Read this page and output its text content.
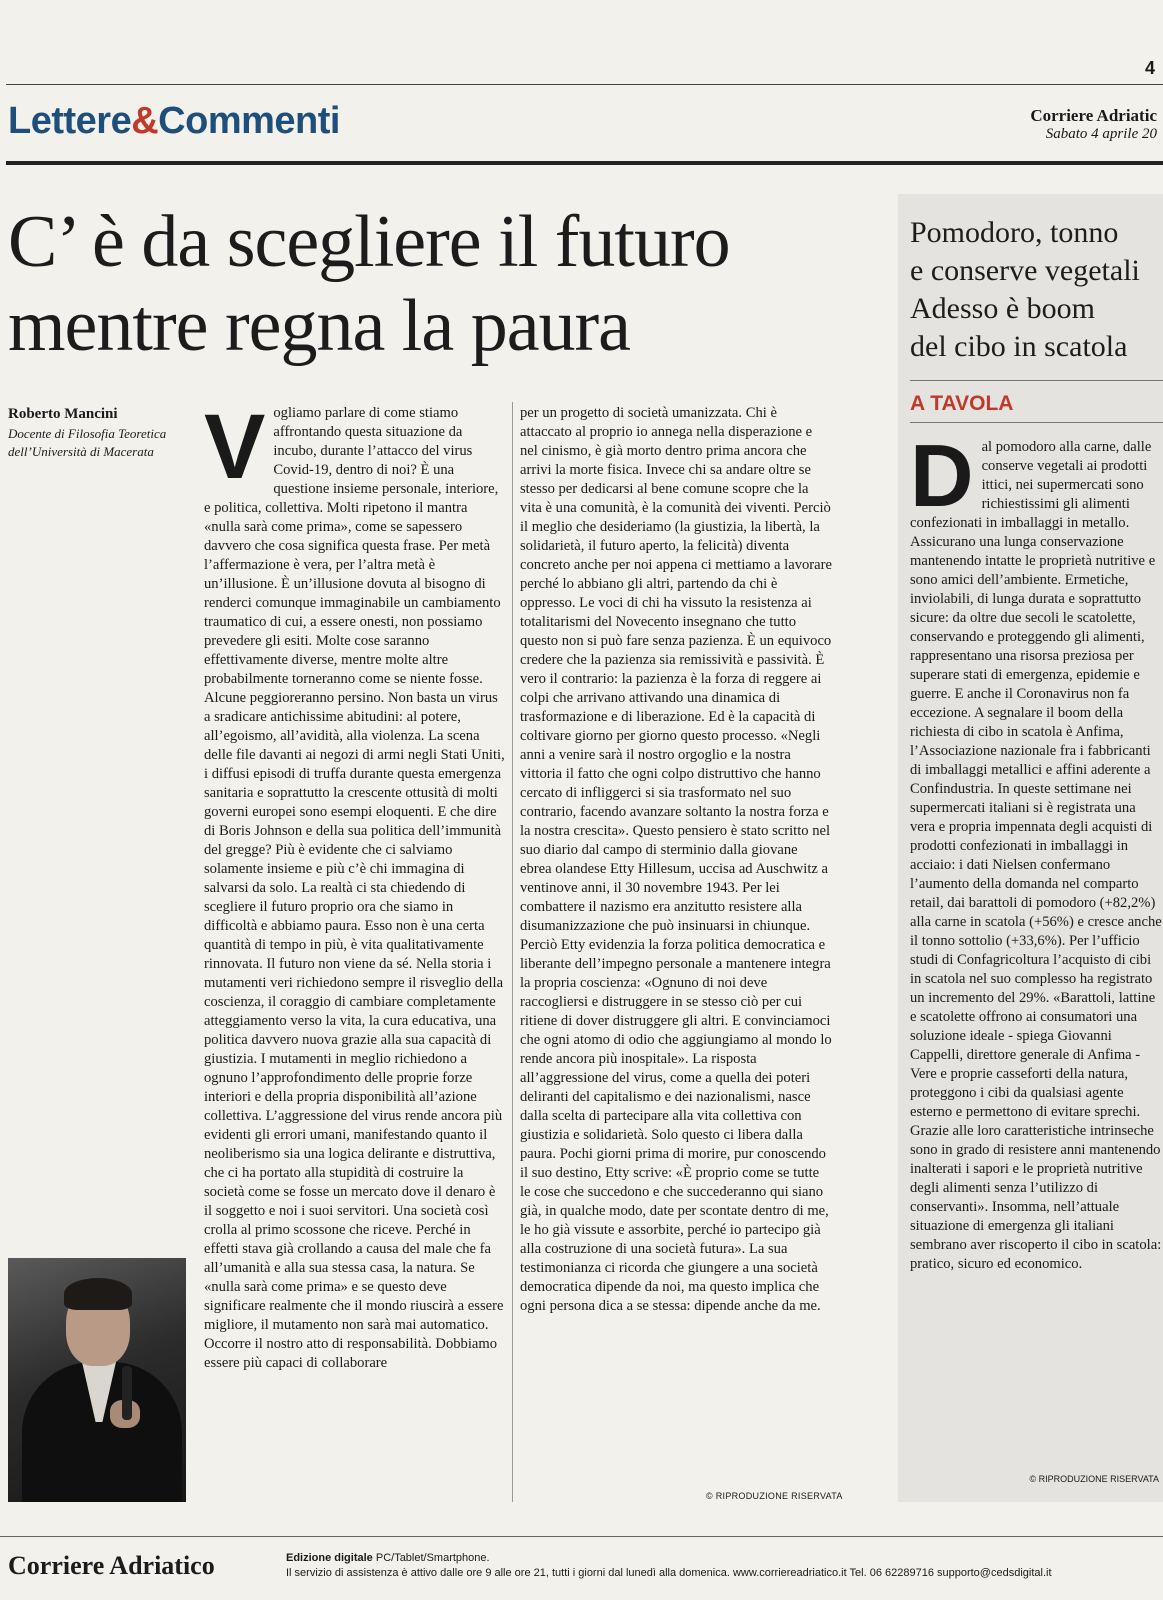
4
Lettere&Commenti	Corriere Adriatic
Sabato 4 aprile 20
C’ è da scegliere il futuro
mentre regna la paura
Roberto Mancini
Docente di Filosofia Teoretica dell’Università di Macerata V ogliamo parlare di come stiamo affrontando questa situazione da incubo, durante l’attacco del virus Covid-19, dentro di noi? È una questione insieme personale, interiore, e politica, collettiva. Molti ripetono il mantra «nulla sarà come prima», come se sapessero davvero che cosa significa questa frase. Per metà l’affermazione è vera, per l’altra metà è un’illusione. È un’illusione dovuta al bisogno di renderci comunque immaginabile un cambiamento traumatico di cui, a essere onesti, non possiamo prevedere gli esiti. Molte cose saranno effettivamente diverse, mentre molte altre probabilmente torneranno come se niente fosse. Alcune peggioreranno persino. Non basta un virus a sradicare antichissime abitudini: al potere, all’egoismo, all’avidità, alla violenza. La scena delle file davanti ai negozi di armi negli Stati Uniti, i diffusi episodi di truffa durante questa emergenza sanitaria e soprattutto la crescente ottusità di molti governi europei sono esempi eloquenti. E che dire di Boris Johnson e della sua politica dell’immunità del gregge? Più è evidente che ci salviamo solamente insieme e più c’è chi immagina di salvarsi da solo. La realtà ci sta chiedendo di scegliere il futuro proprio ora che siamo in difficoltà e abbiamo paura. Esso non è una certa quantità di tempo in più, è vita qualitativamente rinnovata. Il futuro non viene da sé. Nella storia i mutamenti veri richiedono sempre il risveglio della coscienza, il coraggio di cambiare completamente atteggiamento verso la vita, la cura educativa, una politica davvero nuova grazie alla sua capacità di giustizia. I mutamenti in meglio richiedono a ognuno l’approfondimento delle proprie forze interiori e della propria disponibilità all’azione collettiva. L’aggressione del virus rende ancora più evidenti gli errori umani, manifestando quanto il neoliberismo sia una logica delirante e distruttiva, che ci ha portato alla stupidità di costruire la società come se fosse un mercato dove il denaro è il soggetto e noi i suoi servitori. Una società così crolla al primo scossone che riceve. Perché in effetti stava già crollando a causa del male che fa all’umanità e alla sua stessa casa, la natura. Se «nulla sarà come prima» e se questo deve significare realmente che il mondo riuscirà a essere migliore, il mutamento non sarà mai automatico. Occorre il nostro atto di responsabilità. Dobbiamo essere più capaci di collaborare

per un progetto di società umanizzata. Chi è attaccato al proprio io annega nella disperazione e nel cinismo, è già morto dentro prima ancora che arrivi la morte fisica. Invece chi sa andare oltre se stesso per dedicarsi al bene comune scopre che la vita è una comunità, è la comunità dei viventi. Perciò il meglio che desideriamo (la giustizia, la libertà, la solidarietà, il futuro aperto, la felicità) diventa concreto anche per noi appena ci mettiamo a lavorare perché lo abbiano gli altri, partendo da chi è oppresso. Le voci di chi ha vissuto la resistenza ai totalitarismi del Novecento insegnano che tutto questo non si può fare senza pazienza. È un equivoco credere che la pazienza sia remissività e passività. È vero il contrario: la pazienza è la forza di reggere ai colpi che arrivano attivando una dinamica di trasformazione e di liberazione. Ed è la capacità di coltivare giorno per giorno questo processo. «Negli anni a venire sarà il nostro orgoglio e la nostra vittoria il fatto che ogni colpo distruttivo che hanno cercato di infliggerci si sia trasformato nel suo contrario, facendo avanzare soltanto la nostra forza e la nostra crescita». Questo pensiero è stato scritto nel suo diario dal campo di sterminio dalla giovane ebrea olandese Etty Hillesum, uccisa ad Auschwitz a ventinove anni, il 30 novembre 1943. Per lei combattere il nazismo era anzitutto resistere alla disumanizzazione che può insinuarsi in chiunque. Perciò Etty evidenzia la forza politica democratica e liberante dell’impegno personale a mantenere integra la propria coscienza: «Ognuno di noi deve raccogliersi e distruggere in se stesso ciò per cui ritiene di dover distruggere gli altri. E convinciamoci che ogni atomo di odio che aggiungiamo al mondo lo rende ancora più inospitale». La risposta all’aggressione del virus, come a quella dei poteri deliranti del capitalismo e dei nazionalismi, nasce dalla scelta di partecipare alla vita collettiva con giustizia e solidarietà. Solo questo ci libera dalla paura. Pochi giorni prima di morire, pur conoscendo il suo destino, Etty scrive: «È proprio come se tutte le cose che succedono e che succederanno qui siano già, in qualche modo, date per scontate dentro di me, le ho già vissute e assorbite, perché io partecipo già alla costruzione di una società futura». La sua testimonianza ci ricorda che giungere a una società democratica dipende da noi, ma questo implica che ogni persona dica a se stessa: dipende anche da me.

© RIPRODUZIONE RISERVATA
Pomodoro, tonno
e conserve vegetali
Adesso è boom
del cibo in scatola
A TAVOLA
D al pomodoro alla carne, dalle conserve vegetali ai prodotti ittici, nei supermercati sono richiestissimi gli alimenti confezionati in imballaggi in metallo. Assicurano una lunga conservazione mantenendo intatte le proprietà nutritive e sono amici dell’ambiente. Ermetiche, inviolabili, di lunga durata e soprattutto sicure: da oltre due secoli le scatolette, conservando e proteggendo gli alimenti, rappresentano una risorsa preziosa per superare stati di emergenza, epidemie e guerre. E anche il Coronavirus non fa eccezione. A segnalare il boom della richiesta di cibo in scatola è Anfima, l’Associazione nazionale fra i fabbricanti di imballaggi metallici e affini aderente a Confindustria. In queste settimane nei supermercati italiani si è registrata una vera e propria impennata degli acquisti di prodotti confezionati in imballaggi in acciaio: i dati Nielsen confermano l’aumento della domanda nel comparto retail, dai barattoli di pomodoro (+82,2%) alla carne in scatola (+56%) e cresce anche il tonno sottolio (+33,6%). Per l’ufficio studi di Confagricoltura l’acquisto di cibi in scatola nel suo complesso ha registrato un incremento del 29%. «Barattoli, lattine e scatolette offrono ai consumatori una soluzione ideale - spiega Giovanni Cappelli, direttore generale di Anfima - Vere e proprie casseforti della natura, proteggono i cibi da qualsiasi agente esterno e permettono di evitare sprechi. Grazie alle loro caratteristiche intrinseche sono in grado di resistere anni mantenendo inalterati i sapori e le proprietà nutritive degli alimenti senza l’utilizzo di conservanti». Insomma, nell’attuale situazione di emergenza gli italiani sembrano aver riscoperto il cibo in scatola: pratico, sicuro ed economico.

© RIPRODUZIONE RISERVATA
Corriere Adriatico	Edizione digitale PC/Tablet/Smartphone.
Il servizio di assistenza è attivo dalle ore 9 alle ore 21, tutti i giorni dal lunedì alla domenica. www.corriereadriatico.it Tel. 06 62289716 supporto@cedsdigital.it
